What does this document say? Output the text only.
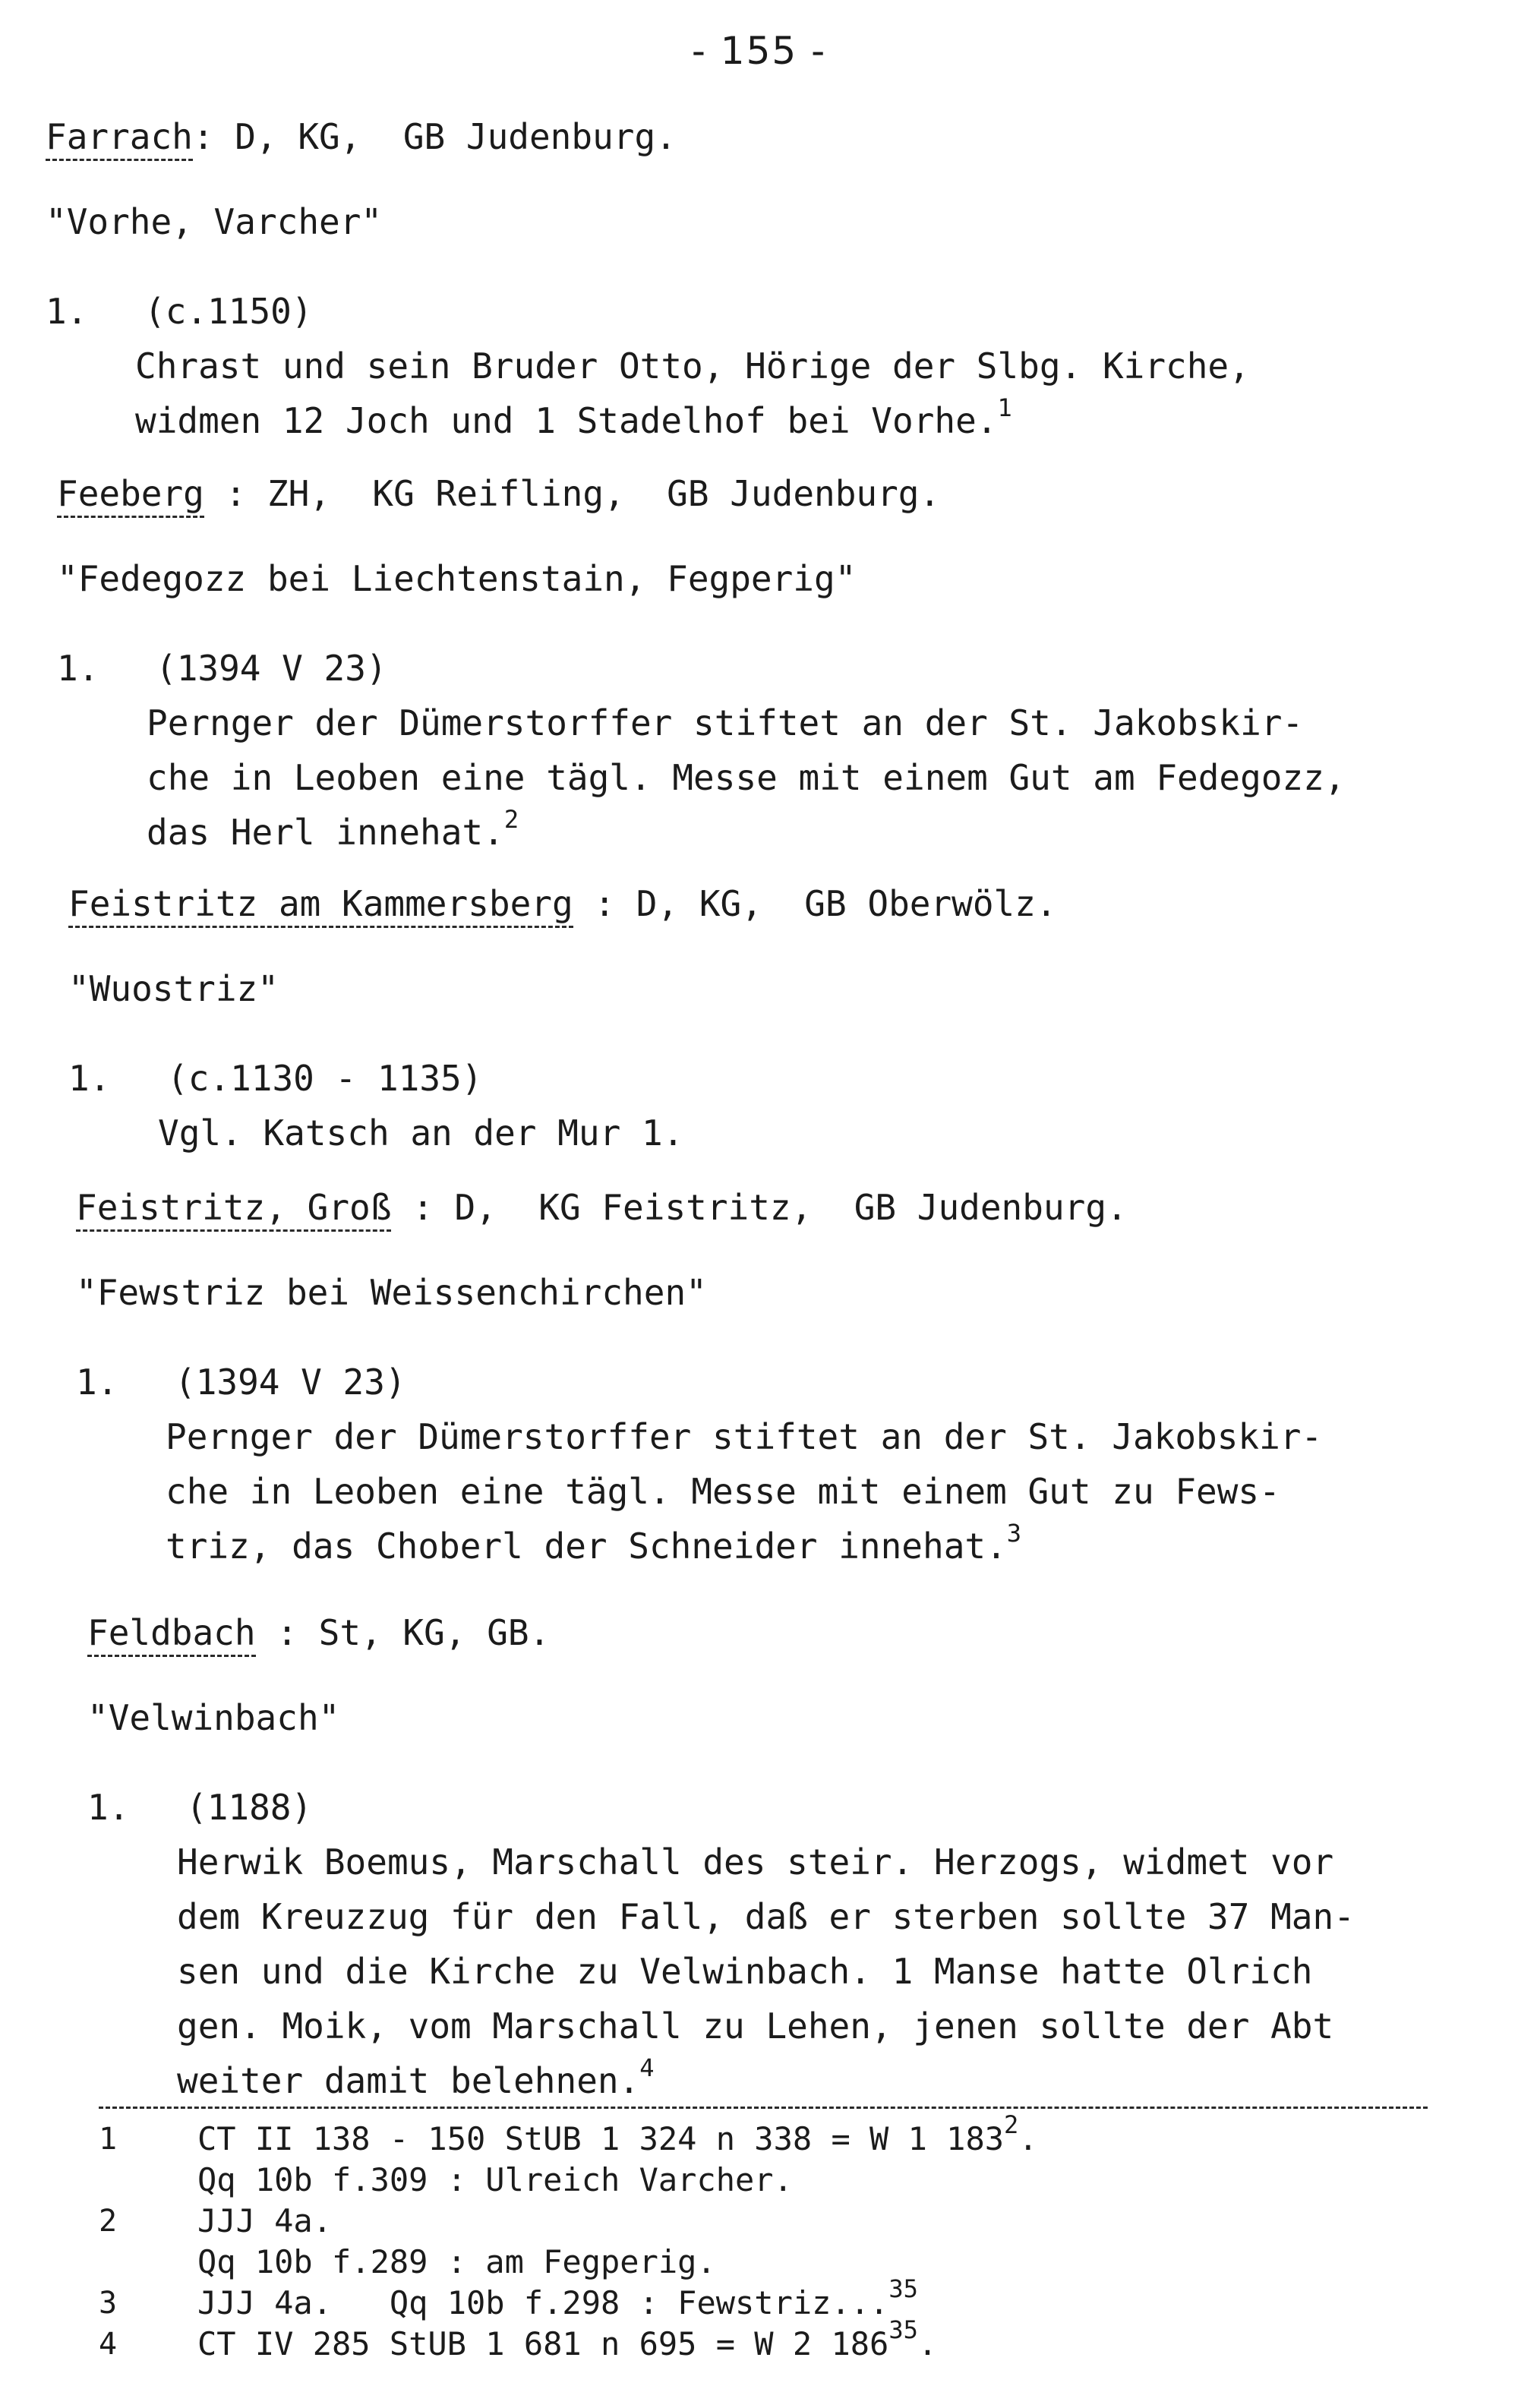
- 155 -
Farrach: D, KG,  GB Judenburg.
"Vorhe, Varcher"
1. (c.1150)
Chrast und sein Bruder Otto, Hörige der Slbg. Kirche,
widmen 12 Joch und 1 Stadelhof bei Vorhe.$^1$
Feeberg : ZH,  KG Reifling,  GB Judenburg.
"Fedegozz bei Liechtenstain, Fegperig"
1. (1394 V 23)
Pernger der Dümerstorffer stiftet an der St. Jakobskir-
che in Leoben eine tägl. Messe mit einem Gut am Fedegozz,
das Herl innehat.$^2$
Feistritz am Kammersberg : D, KG,  GB Oberwölz.
"Wuostriz"
1. (c.1130 - 1135)
Vgl. Katsch an der Mur 1.
Feistritz, Groß : D,  KG Feistritz,  GB Judenburg.
"Fewstriz bei Weissenchirchen"
1. (1394 V 23)
Pernger der Dümerstorffer stiftet an der St. Jakobskir-
che in Leoben eine tägl. Messe mit einem Gut zu Fews-
triz, das Choberl der Schneider innehat.$^3$
Feldbach : St, KG, GB.
"Velwinbach"
1. (1188)
Herwik Boemus, Marschall des steir. Herzogs, widmet vor
dem Kreuzzug für den Fall, daß er sterben sollte 37 Man-
sen und die Kirche zu Velwinbach. 1 Manse hatte Olrich
gen. Moik, vom Marschall zu Lehen, jenen sollte der Abt
weiter damit belehnen.$^4$
1	CT II 138 - 150 StUB 1 324 n 338 = W 1 $183^2$.
Qq 10b f.309 : Ulreich Varcher.
2	JJJ 4a.
Qq 10b f.289 : am Fegperig.
3	JJJ 4a.   Qq 10b f.298 : Fewstriz...$^{35}$
4	CT IV 285 StUB 1 681 n 695 = W 2 $186^{35}$.
